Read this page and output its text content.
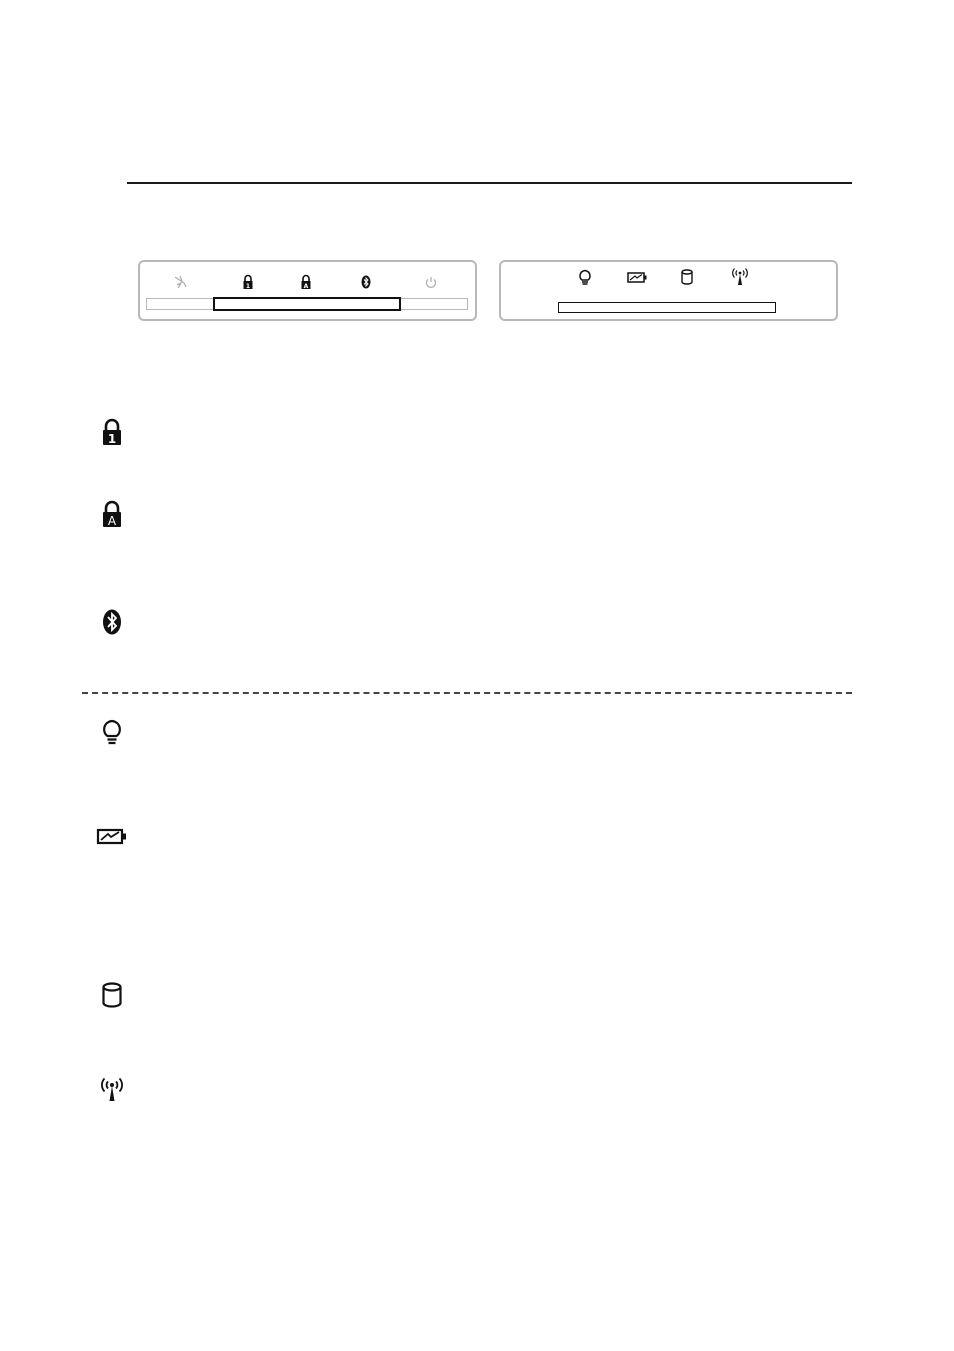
1	A
1
A
